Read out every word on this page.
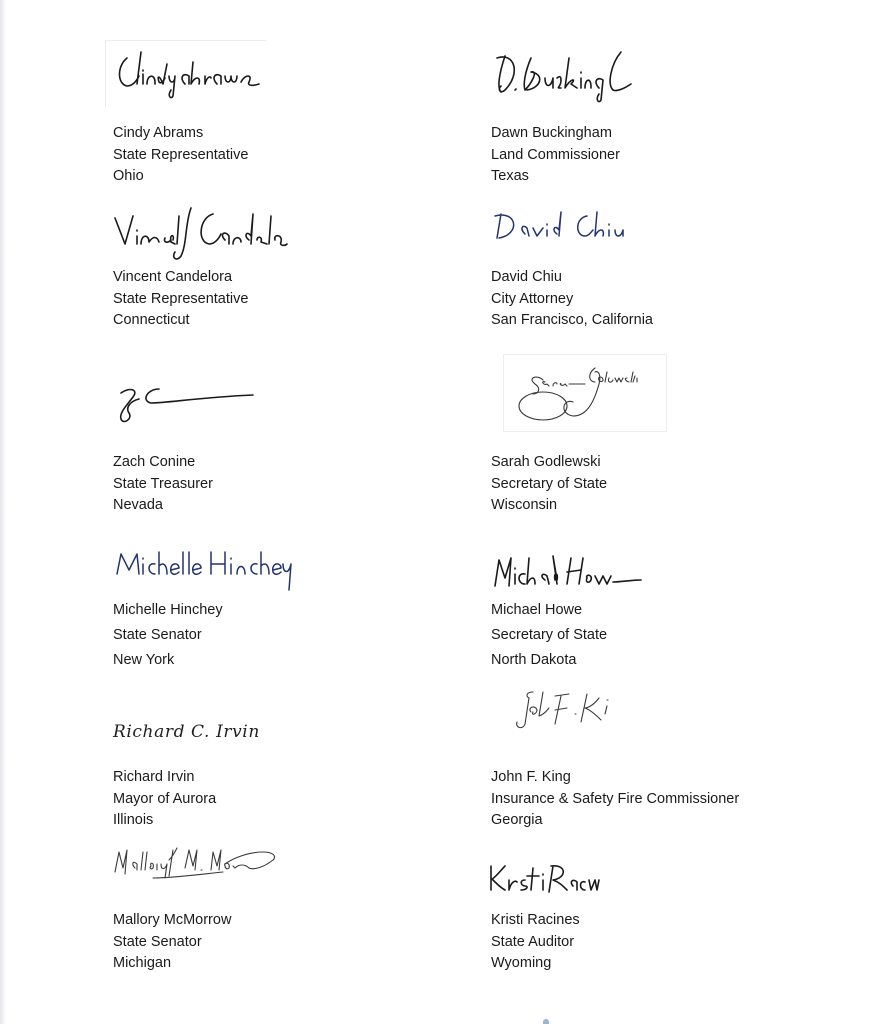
Cindy Abrams
State Representative
Ohio
Dawn Buckingham
Land Commissioner
Texas
Vincent Candelora
State Representative
Connecticut
David Chiu
City Attorney
San Francisco, California
Zach Conine
State Treasurer
Nevada
Sarah Godlewski
Secretary of State
Wisconsin
Michelle Hinchey
State Senator
New York
Michael Howe
Secretary of State
North Dakota
Richard C. Irvin
Richard Irvin
Mayor of Aurora
Illinois
John F. King
Insurance & Safety Fire Commissioner
Georgia
Mallory McMorrow
State Senator
Michigan
Kristi Racines
State Auditor
Wyoming
